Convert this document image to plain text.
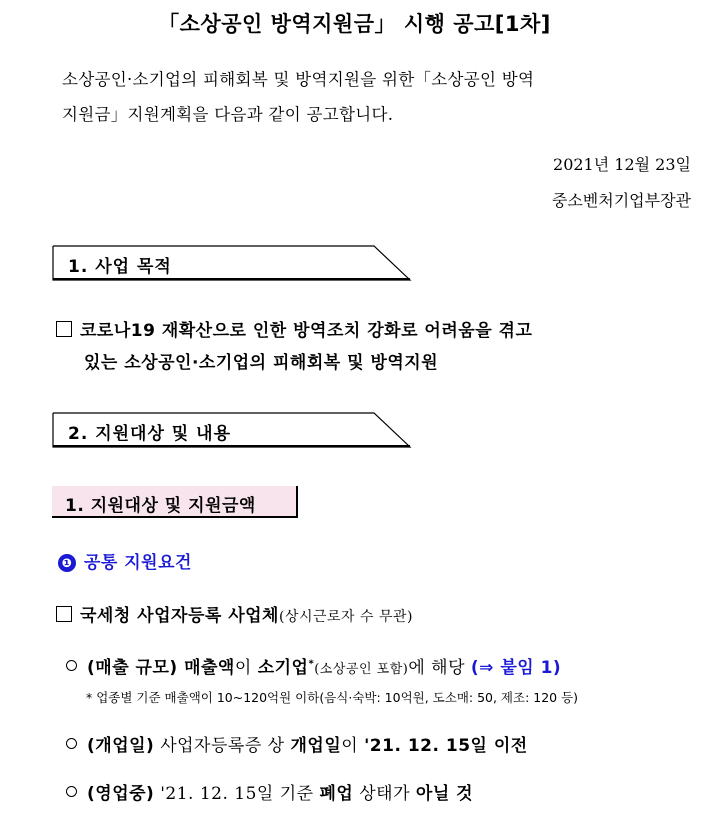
「소상공인 방역지원금」 시행 공고[1차]
소상공인·소기업의 피해회복 및 방역지원을 위한「소상공인 방역
지원금」지원계획을 다음과 같이 공고합니다.
2021년 12월 23일
중소벤처기업부장관
1. 사업 목적
코로나19 재확산으로 인한 방역조치 강화로 어려움을 겪고
있는 소상공인·소기업의 피해회복 및 방역지원
2. 지원대상 및 내용
1. 지원대상 및 지원금액
❶ 공통 지원요건
국세청 사업자등록 사업체(상시근로자 수 무관)
(매출 규모) 매출액이 소기업*(소상공인 포함)에 해당 (⇒ 붙임 1)
* 업종별 기준 매출액이 10~120억원 이하(음식·숙박: 10억원, 도소매: 50, 제조: 120 등)
(개업일) 사업자등록증 상 개업일이 '21. 12. 15일 이전
(영업중) '21. 12. 15일 기준 폐업 상태가 아닐 것
